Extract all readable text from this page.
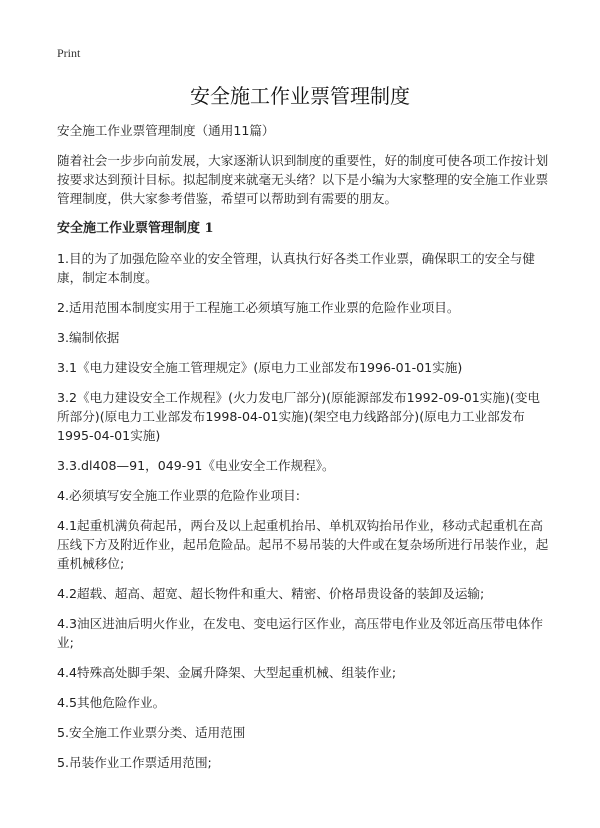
Print
安全施工作业票管理制度

安全施工作业票管理制度（通用11篇）

随着社会一步步向前发展，大家逐渐认识到制度的重要性，好的制度可使各项工作按计划按要求达到预计目标。拟起制度来就毫无头绪？以下是小编为大家整理的安全施工作业票管理制度，供大家参考借鉴，希望可以帮助到有需要的朋友。

安全施工作业票管理制度 1

1.目的为了加强危险卒业的安全管理，认真执行好各类工作业票，确保职工的安全与健康，制定本制度。

2.适用范围本制度实用于工程施工必须填写施工作业票的危险作业项目。

3.编制依据

3.1《电力建设安全施工管理规定》(原电力工业部发布1996-01-01实施)

3.2《电力建设安全工作规程》(火力发电厂部分)(原能源部发布1992-09-01实施)(变电所部分)(原电力工业部发布1998-04-01实施)(架空电力线路部分)(原电力工业部发布1995-04-01实施)

3.3.dl408—91，049-91《电业安全工作规程》。

4.必须填写安全施工作业票的危险作业项目:

4.1起重机满负荷起吊，两台及以上起重机抬吊、单机双钩抬吊作业，移动式起重机在高压线下方及附近作业，起吊危险品。起吊不易吊装的大件或在复杂场所进行吊装作业，起重机械移位;

4.2超载、超高、超宽、超长物件和重大、精密、价格昂贵设备的装卸及运输;

4.3油区进油后明火作业，在发电、变电运行区作业，高压带电作业及邻近高压带电体作业;

4.4特殊高处脚手架、金属升降架、大型起重机械、组装作业;

4.5其他危险作业。

5.安全施工作业票分类、适用范围

5.吊装作业工作票适用范围;
